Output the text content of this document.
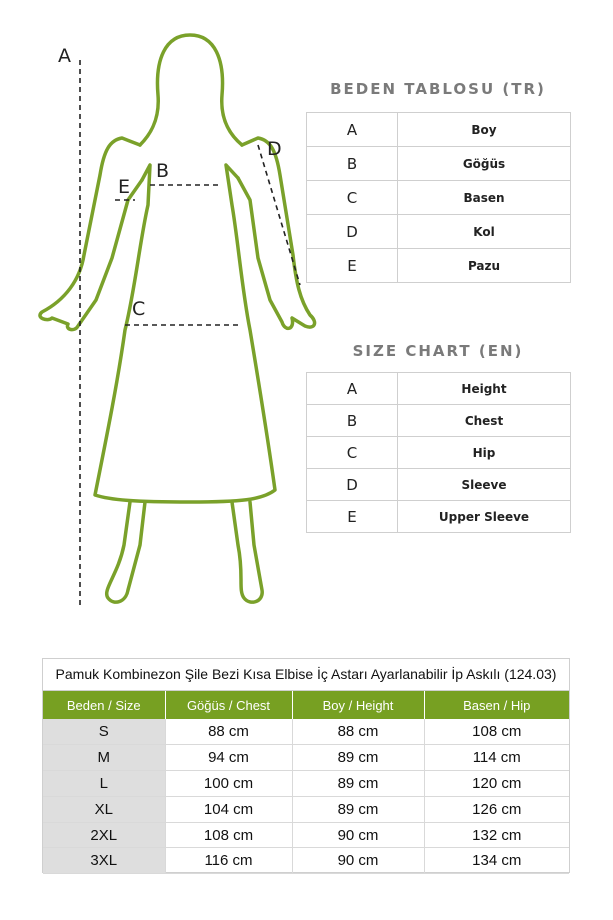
A
B
C
D
E
BEDEN TABLOSU (TR)
A	Boy
B	Göğüs
C	Basen
D	Kol
E	Pazu
SIZE CHART (EN)
A	Height
B	Chest
C	Hip
D	Sleeve
E	Upper Sleeve
Pamuk Kombinezon Şile Bezi Kısa Elbise İç Astarı Ayarlanabilir İp Askılı (124.03)
Beden / Size	Göğüs / Chest	Boy / Height	Basen / Hip
S	88 cm	88 cm	108 cm
M	94 cm	89 cm	114 cm
L	100 cm	89 cm	120 cm
XL	104 cm	89 cm	126 cm
2XL	108 cm	90 cm	132 cm
3XL	116 cm	90 cm	134 cm
